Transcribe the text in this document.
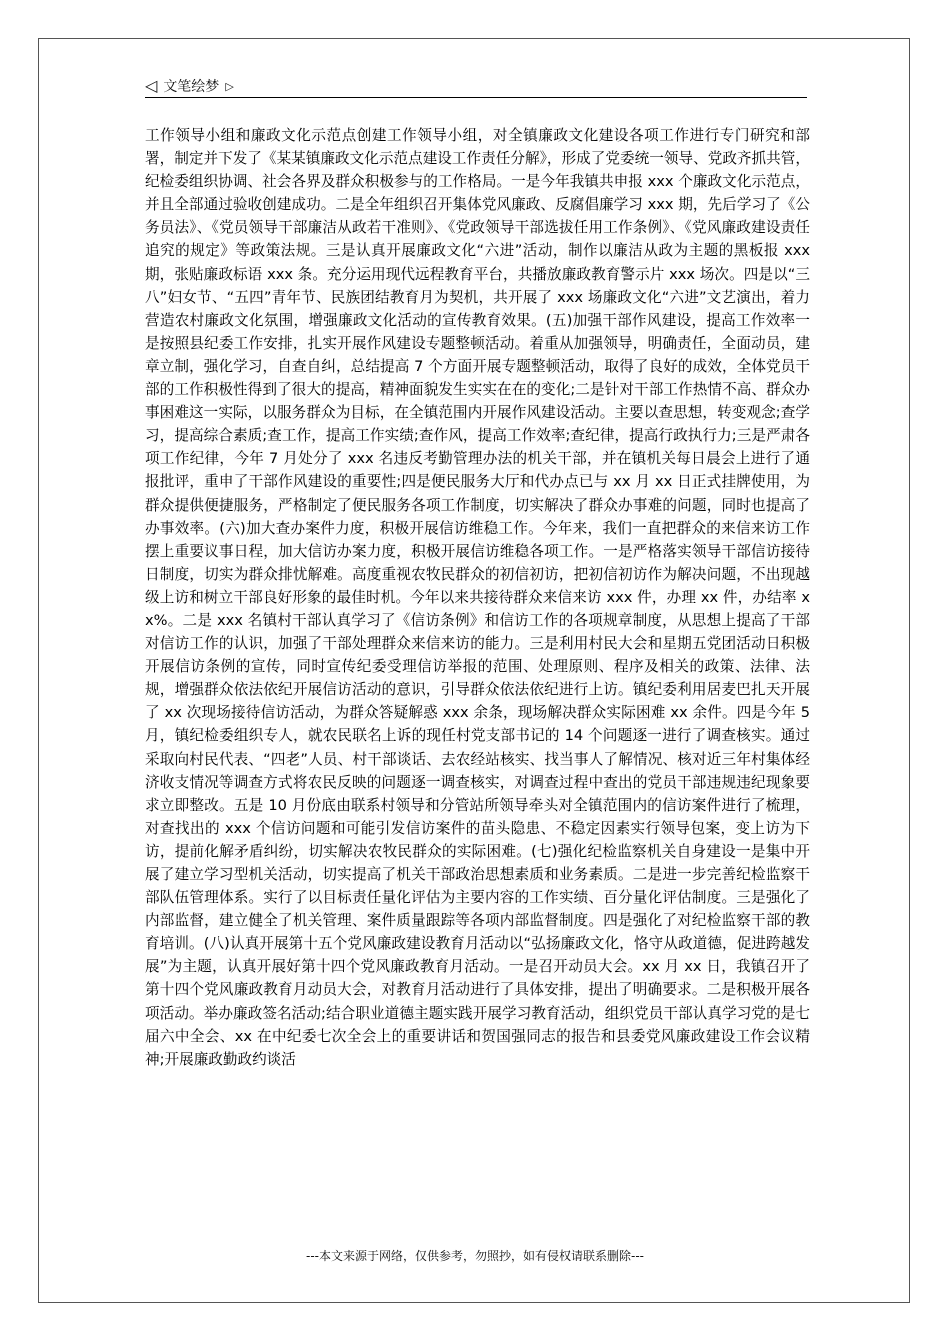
◁ 文笔绘梦 ▷

工作领导小组和廉政文化示范点创建工作领导小组，对全镇廉政文化建设各项工作进行专门研究和部署，制定并下发了《某某镇廉政文化示范点建设工作责任分解》，形成了党委统一领导、党政齐抓共管，纪检委组织协调、社会各界及群众积极参与的工作格局。一是今年我镇共申报 xxx 个廉政文化示范点，并且全部通过验收创建成功。二是全年组织召开集体党风廉政、反腐倡廉学习 xxx 期，先后学习了《公务员法》、《党员领导干部廉洁从政若干准则》、《党政领导干部选拔任用工作条例》、《党风廉政建设责任追究的规定》等政策法规。三是认真开展廉政文化“六进”活动，制作以廉洁从政为主题的黑板报 xxx 期，张贴廉政标语 xxx 条。充分运用现代远程教育平台，共播放廉政教育警示片 xxx 场次。四是以“三八”妇女节、“五四”青年节、民族团结教育月为契机，共开展了 xxx 场廉政文化“六进”文艺演出，着力营造农村廉政文化氛围，增强廉政文化活动的宣传教育效果。(五)加强干部作风建设，提高工作效率一是按照县纪委工作安排，扎实开展作风建设专题整顿活动。着重从加强领导，明确责任，全面动员，建章立制，强化学习，自查自纠，总结提高 7 个方面开展专题整顿活动，取得了良好的成效，全体党员干部的工作积极性得到了很大的提高，精神面貌发生实实在在的变化;二是针对干部工作热情不高、群众办事困难这一实际，以服务群众为目标，在全镇范围内开展作风建设活动。主要以查思想，转变观念;查学习，提高综合素质;查工作，提高工作实绩;查作风，提高工作效率;查纪律，提高行政执行力;三是严肃各项工作纪律，今年 7 月处分了 xxx 名违反考勤管理办法的机关干部，并在镇机关每日晨会上进行了通报批评，重申了干部作风建设的重要性;四是便民服务大厅和代办点已与 xx 月 xx 日正式挂牌使用，为群众提供便捷服务，严格制定了便民服务各项工作制度，切实解决了群众办事难的问题，同时也提高了办事效率。(六)加大查办案件力度，积极开展信访维稳工作。今年来，我们一直把群众的来信来访工作摆上重要议事日程，加大信访办案力度，积极开展信访维稳各项工作。一是严格落实领导干部信访接待日制度，切实为群众排忧解难。高度重视农牧民群众的初信初访，把初信初访作为解决问题，不出现越级上访和树立干部良好形象的最佳时机。今年以来共接待群众来信来访 xxx 件，办理 xx 件，办结率 xx%。二是 xxx 名镇村干部认真学习了《信访条例》和信访工作的各项规章制度，从思想上提高了干部对信访工作的认识，加强了干部处理群众来信来访的能力。三是利用村民大会和星期五党团活动日积极开展信访条例的宣传，同时宣传纪委受理信访举报的范围、处理原则、程序及相关的政策、法律、法规，增强群众依法依纪开展信访活动的意识，引导群众依法依纪进行上访。镇纪委利用居麦巴扎天开展了 xx 次现场接待信访活动，为群众答疑解惑 xxx 余条，现场解决群众实际困难 xx 余件。四是今年 5 月，镇纪检委组织专人，就农民联名上诉的现任村党支部书记的 14 个问题逐一进行了调查核实。通过采取向村民代表、“四老”人员、村干部谈话、去农经站核实、找当事人了解情况、核对近三年村集体经济收支情况等调查方式将农民反映的问题逐一调查核实，对调查过程中查出的党员干部违规违纪现象要求立即整改。五是 10 月份底由联系村领导和分管站所领导牵头对全镇范围内的信访案件进行了梳理，对查找出的 xxx 个信访问题和可能引发信访案件的苗头隐患、不稳定因素实行领导包案，变上访为下访，提前化解矛盾纠纷，切实解决农牧民群众的实际困难。(七)强化纪检监察机关自身建设一是集中开展了建立学习型机关活动，切实提高了机关干部政治思想素质和业务素质。二是进一步完善纪检监察干部队伍管理体系。实行了以目标责任量化评估为主要内容的工作实绩、百分量化评估制度。三是强化了内部监督，建立健全了机关管理、案件质量跟踪等各项内部监督制度。四是强化了对纪检监察干部的教育培训。(八)认真开展第十五个党风廉政建设教育月活动以“弘扬廉政文化，恪守从政道德，促进跨越发展”为主题，认真开展好第十四个党风廉政教育月活动。一是召开动员大会。xx 月 xx 日，我镇召开了第十四个党风廉政教育月动员大会，对教育月活动进行了具体安排，提出了明确要求。二是积极开展各项活动。举办廉政签名活动;结合职业道德主题实践开展学习教育活动，组织党员干部认真学习党的是七届六中全会、xx 在中纪委七次全会上的重要讲话和贺国强同志的报告和县委党风廉政建设工作会议精神;开展廉政勤政约谈活

---本文来源于网络，仅供参考，勿照抄，如有侵权请联系删除---
